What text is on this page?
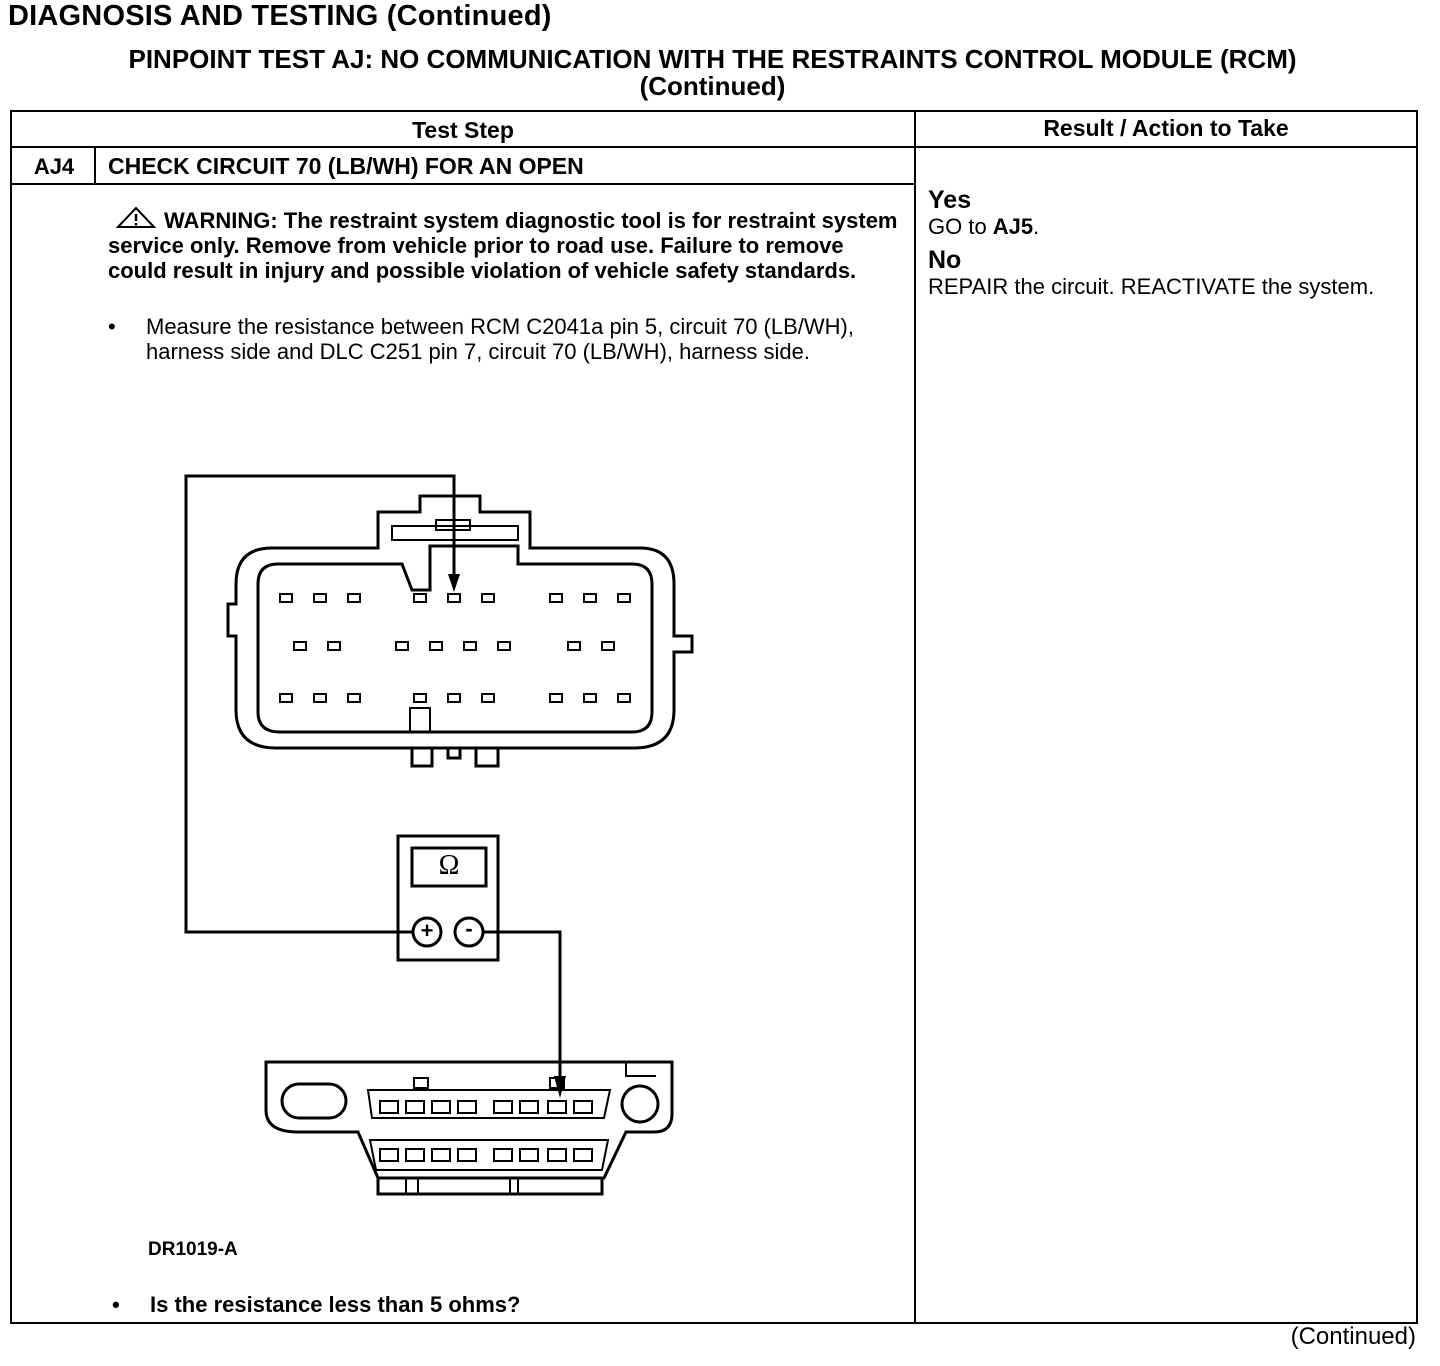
DIAGNOSIS AND TESTING (Continued)
PINPOINT TEST AJ: NO COMMUNICATION WITH THE RESTRAINTS CONTROL MODULE (RCM)
(Continued)
Test Step	Result / Action to Take
AJ4	CHECK CIRCUIT 70 (LB/WH) FOR AN OPEN
WARNING: The restraint system diagnostic tool is for restraint system service only. Remove from vehicle prior to road use. Failure to remove could result in injury and possible violation of vehicle safety standards.
• Measure the resistance between RCM C2041a pin 5, circuit 70 (LB/WH), harness side and DLC C251 pin 7, circuit 70 (LB/WH), harness side.
Ω
+	-
DR1019-A
• Is the resistance less than 5 ohms?
Yes
GO to AJ5.
No
REPAIR the circuit. REACTIVATE the system.
(Continued)
